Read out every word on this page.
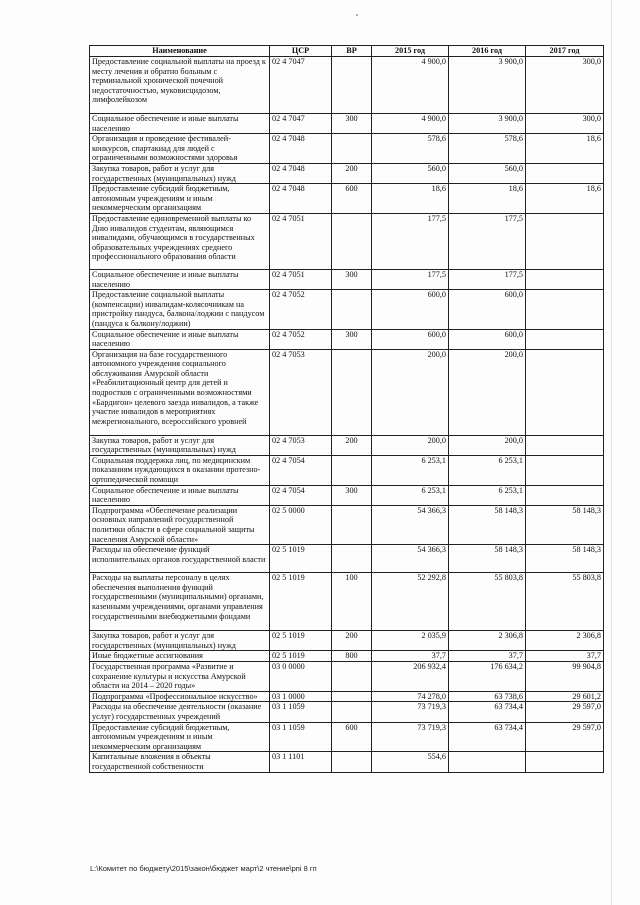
Наименование	ЦСР	ВР	2015 год	2016 год	2017 год
Предоставление социальной выплаты на проезд к месту лечения и обратно больным с терминальной хронической почечной недостаточностью, муковисцидозом, лимфолейкозом	02 4 7047		4 900,0	3 900,0	300,0
Социальное обеспечение и иные выплаты населению	02 4 7047	300	4 900,0	3 900,0	300,0
Организация и проведение фестивалей-конкурсов, спартакиад для людей с ограниченными возможностями здоровья	02 4 7048		578,6	578,6	18,6
Закупка товаров, работ и услуг для государственных (муниципальных) нужд	02 4 7048	200	560,0	560,0	
Предоставление субсидий бюджетным, автономным учреждениям и иным некоммерческим организациям	02 4 7048	600	18,6	18,6	18,6
Предоставление единовременной выплаты ко Дню инвалидов студентам, являющимся инвалидами, обучающимся в государственных образовательных учреждениях среднего профессионального образования области	02 4 7051		177,5	177,5	
Социальное обеспечение и иные выплаты населению	02 4 7051	300	177,5	177,5	
Предоставление социальной выплаты (компенсации) инвалидам-колясочникам на пристройку пандуса, балкона/лоджии с пандусом (пандуса к балкону/лоджии)	02 4 7052		600,0	600,0	
Социальное обеспечение и иные выплаты населению	02 4 7052	300	600,0	600,0	
Организация на базе государственного автономного учреждения социального обслуживания Амурской области «Реабилитационный центр для детей и подростков с ограниченными возможностями «Бардигон» целевого заезда инвалидов, а также участие инвалидов в мероприятиях межрегионального, всероссийского уровней	02 4 7053		200,0	200,0	
Закупка товаров, работ и услуг для государственных (муниципальных) нужд	02 4 7053	200	200,0	200,0	
Социальная поддержка лиц, по медицинским показаниям нуждающихся в оказании протезно-ортопедической помощи	02 4 7054		6 253,1	6 253,1	
Социальное обеспечение и иные выплаты населению	02 4 7054	300	6 253,1	6 253,1	
Подпрограмма «Обеспечение реализации основных направлений государственной политики области в сфере социальной защиты населения Амурской области»	02 5 0000		54 366,3	58 148,3	58 148,3
Расходы на обеспечение функций исполнительных органов государственной власти	02 5 1019		54 366,3	58 148,3	58 148,3
Расходы на выплаты персоналу в целях обеспечения выполнения функций государственными (муниципальными) органами, казенными учреждениями, органами управления государственными внебюджетными фондами	02 5 1019	100	52 292,8	55 803,8	55 803,8
Закупка товаров, работ и услуг для государственных (муниципальных) нужд	02 5 1019	200	2 035,9	2 306,8	2 306,8
Иные бюджетные ассигнования	02 5 1019	800	37,7	37,7	37,7
Государственная программа «Развитие и сохранение культуры и искусства Амурской области на 2014 – 2020 годы»	03 0 0000		206 932,4	176 634,2	99 904,8
Подпрограмма «Профессиональное искусство»	03 1 0000		74 278,0	63 738,6	29 601,2
Расходы на обеспечение деятельности (оказание услуг) государственных учреждений	03 1 1059		73 719,3	63 734,4	29 597,0
Предоставление субсидий бюджетным, автономным учреждениям и иным некоммерческим организациям	03 1 1059	600	73 719,3	63 734,4	29 597,0
Капитальные вложения в объекты государственной собственности	03 1 1101		554,6		
L:\Комитет по бюджету\2015\закон\бюджет март\2 чтение\рпі 8 гп
